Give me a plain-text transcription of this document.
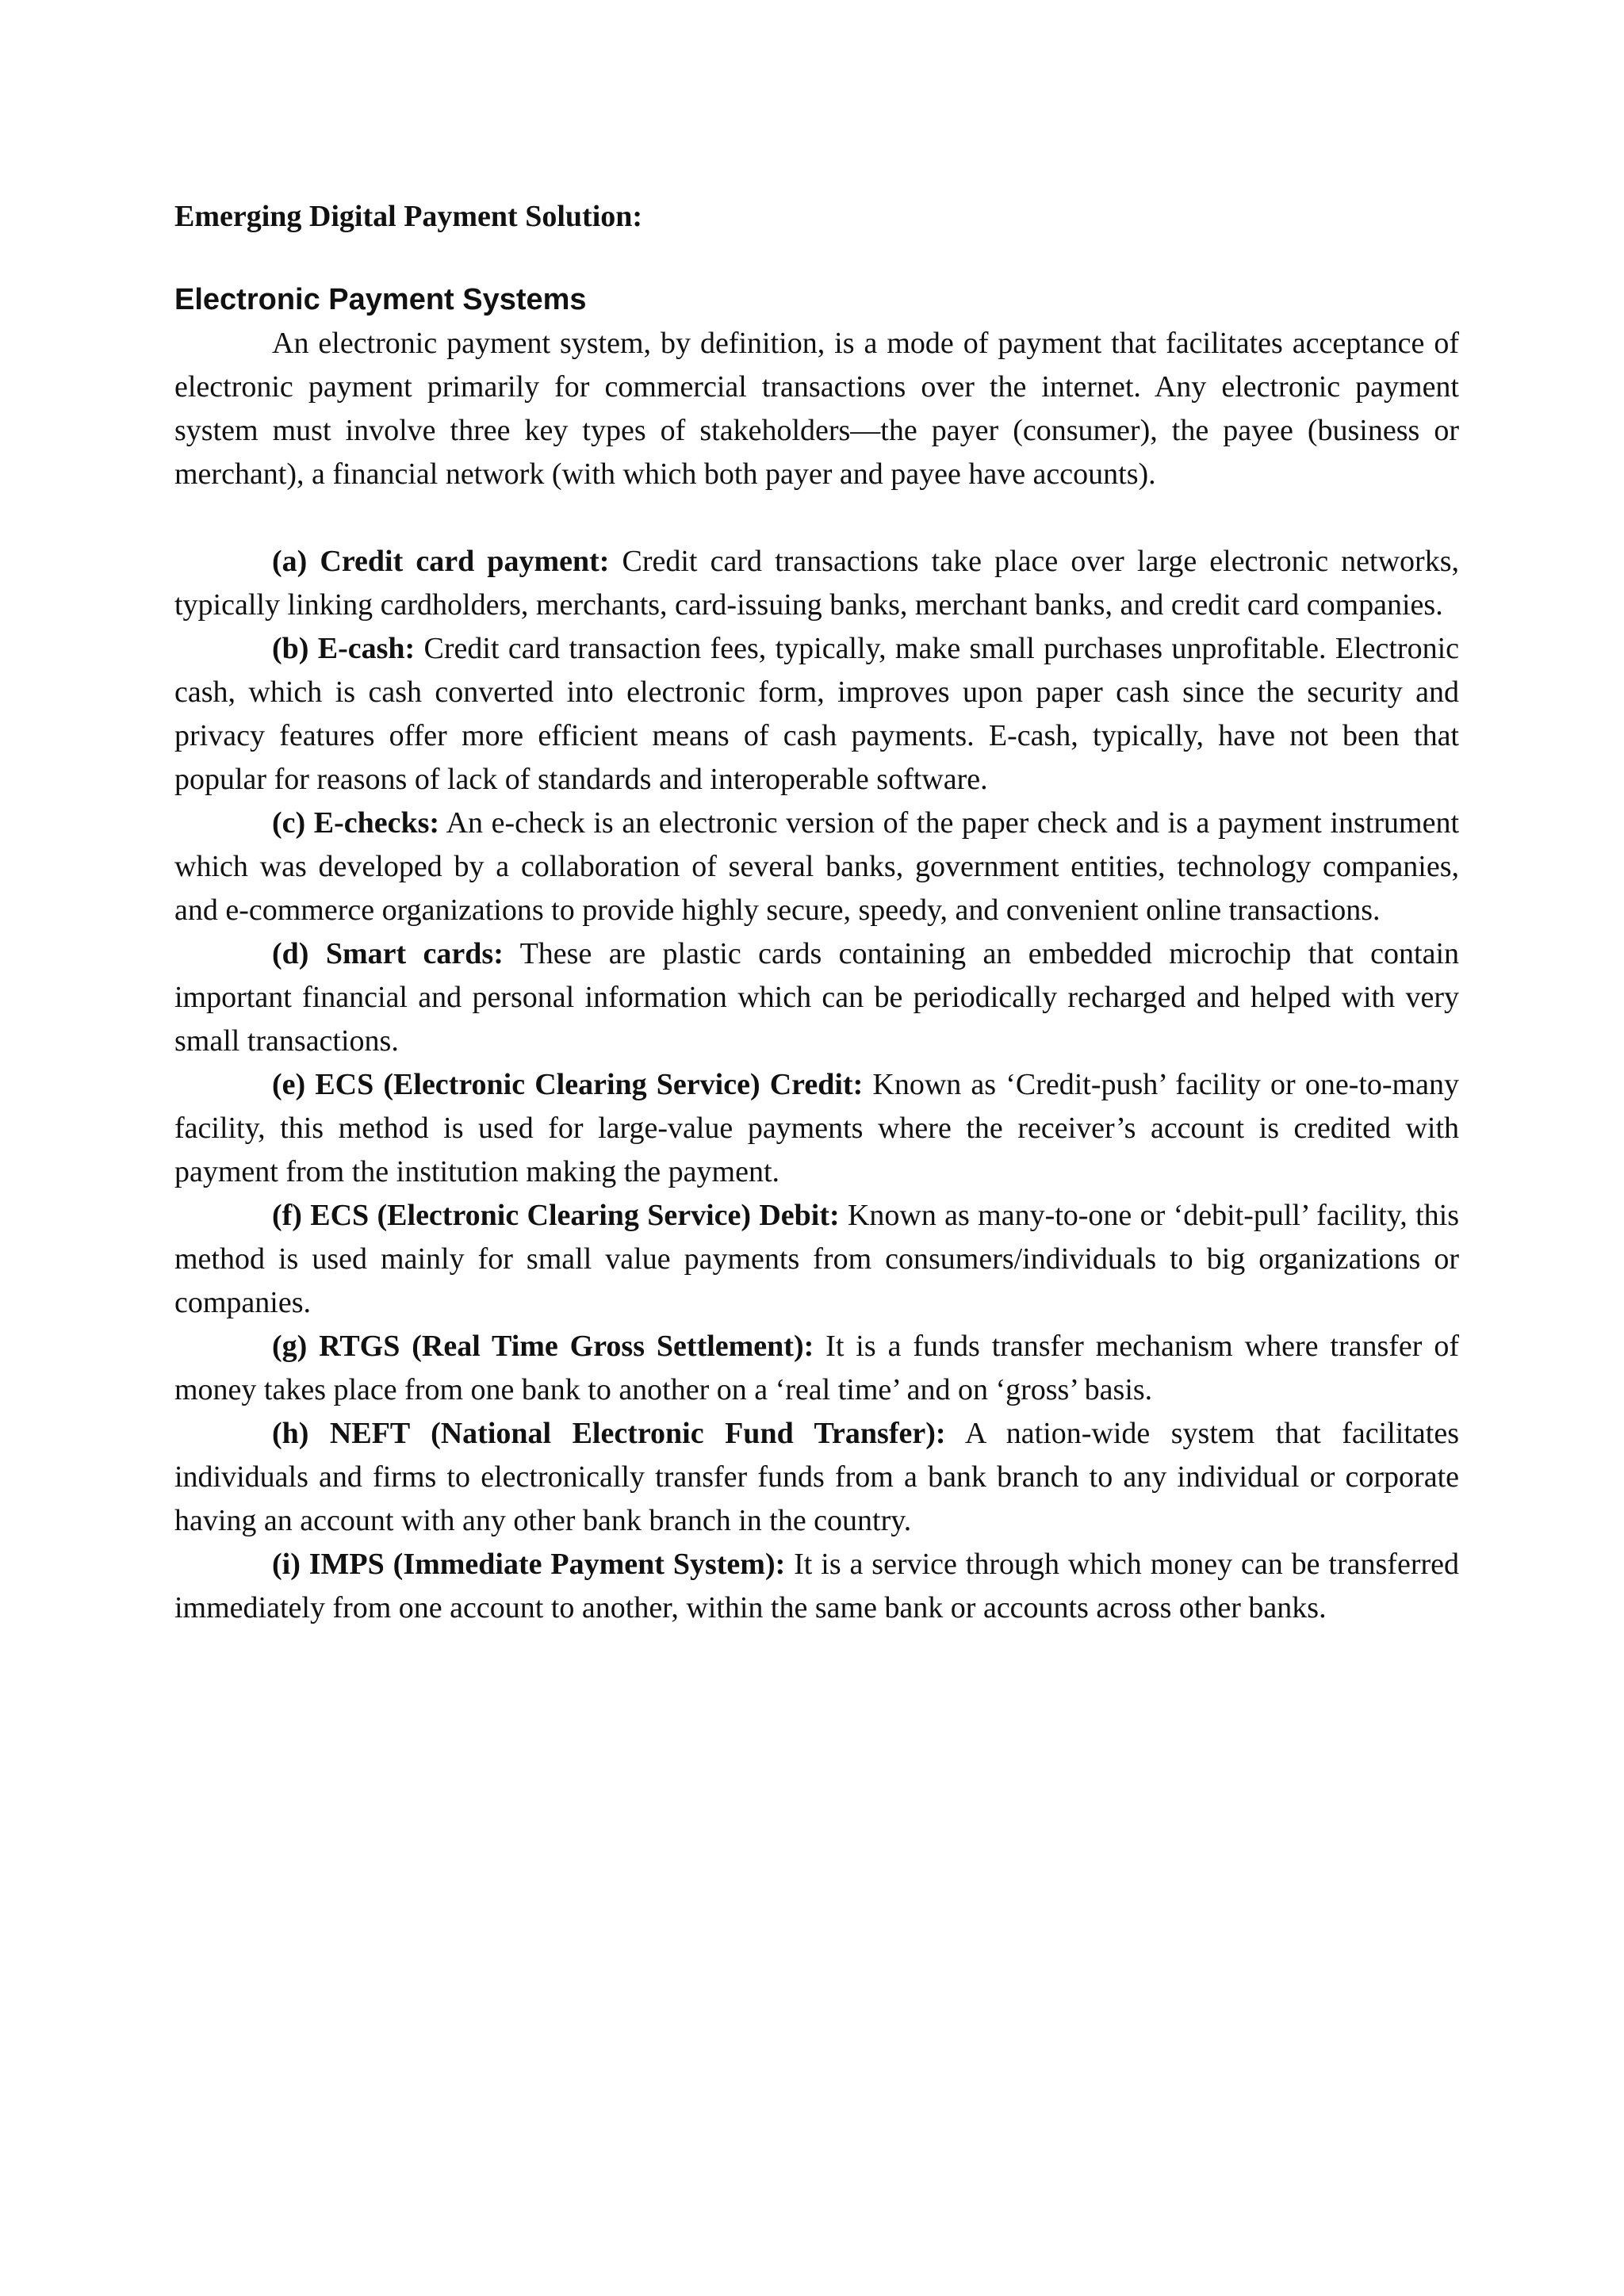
Emerging Digital Payment Solution:

Electronic Payment Systems

An electronic payment system, by definition, is a mode of payment that facilitates acceptance of electronic payment primarily for commercial transactions over the internet. Any electronic payment system must involve three key types of stakeholders—the payer (consumer), the payee (business or merchant), a financial network (with which both payer and payee have accounts).

(a) Credit card payment: Credit card transactions take place over large electronic networks, typically linking cardholders, merchants, card-issuing banks, merchant banks, and credit card companies.

(b) E-cash: Credit card transaction fees, typically, make small purchases unprofitable. Electronic cash, which is cash converted into electronic form, improves upon paper cash since the security and privacy features offer more efficient means of cash payments. E-cash, typically, have not been that popular for reasons of lack of standards and interoperable software.

(c) E-checks: An e-check is an electronic version of the paper check and is a payment instrument which was developed by a collaboration of several banks, government entities, technology companies, and e-commerce organizations to provide highly secure, speedy, and convenient online transactions.

(d) Smart cards: These are plastic cards containing an embedded microchip that contain important financial and personal information which can be periodically recharged and helped with very small transactions.

(e) ECS (Electronic Clearing Service) Credit: Known as ‘Credit-push’ facility or one-to-many facility, this method is used for large-value payments where the receiver’s account is credited with payment from the institution making the payment.

(f) ECS (Electronic Clearing Service) Debit: Known as many-to-one or ‘debit-pull’ facility, this method is used mainly for small value payments from consumers/individuals to big organizations or companies.

(g) RTGS (Real Time Gross Settlement): It is a funds transfer mechanism where transfer of money takes place from one bank to another on a ‘real time’ and on ‘gross’ basis.

(h) NEFT (National Electronic Fund Transfer): A nation-wide system that facilitates individuals and firms to electronically transfer funds from a bank branch to any individual or corporate having an account with any other bank branch in the country.

(i) IMPS (Immediate Payment System): It is a service through which money can be transferred immediately from one account to another, within the same bank or accounts across other banks.
